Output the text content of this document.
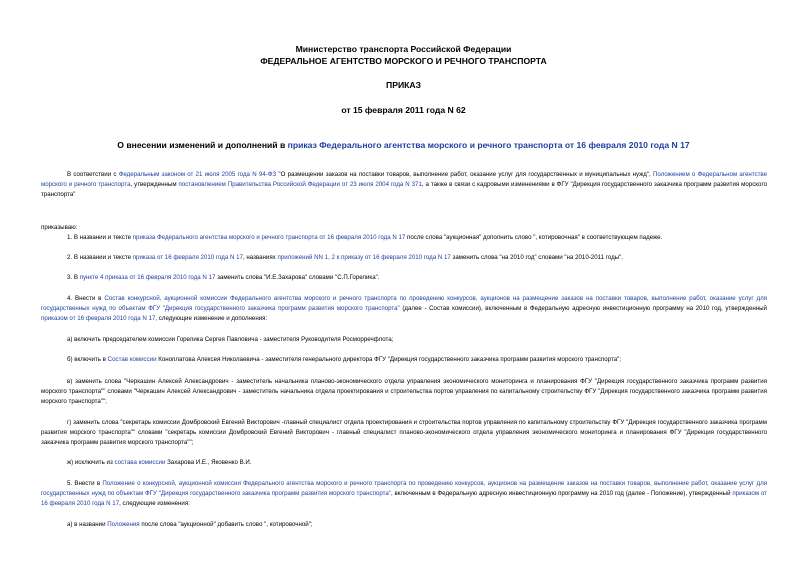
Министерство транспорта Российской Федерации
ФЕДЕРАЛЬНОЕ АГЕНТСТВО МОРСКОГО И РЕЧНОГО ТРАНСПОРТА
ПРИКАЗ
от 15 февраля 2011 года N 62
О внесении изменений и дополнений в приказ Федерального агентства морского и речного транспорта от 16 февраля 2010 года N 17

В соответствии с Федеральным законом от 21 июля 2005 года N 94-ФЗ "О размещении заказов на поставки товаров, выполнение работ, оказание услуг для государственных и муниципальных нужд", Положением о Федеральном агентстве морского и речного транспорта, утвержденным постановлением Правительства Российской Федерации от 23 июля 2004 года N 371, а также в связи с кадровыми изменениями в ФГУ "Дирекция государственного заказчика программ развития морского транспорта"

приказываю:

1. В названии и тексте приказа Федерального агентства морского и речного транспорта от 16 февраля 2010 года N 17 после слова "аукционная" дополнить слово ", котировочная" в соответствующем падеже.

2. В названии и тексте приказа от 16 февраля 2010 года N 17, названиях приложений NN 1, 2 к приказу от 16 февраля 2010 года N 17 заменить слова "на 2010 год" словами "на 2010-2011 годы".

3. В пункте 4 приказа от 16 февраля 2010 года N 17 заменить слова "И.Е.Захарова" словами "С.П.Горелика".

4. Внести в Состав конкурсной, аукционной комиссии Федерального агентства морского и речного транспорта по проведению конкурсов, аукционов на размещение заказов на поставки товаров, выполнение работ, оказание услуг для государственных нужд по объектам ФГУ "Дирекция государственного заказчика программ развития морского транспорта" (далее - Состав комиссии), включенным в Федеральную адресную инвестиционную программу на 2010 год, утвержденный приказом от 16 февраля 2010 года N 17, следующие изменение и дополнения:

а) включить председателем комиссии Горелика Сергея Павловича - заместителя Руководителя Росморречфлота;

б) включить в Состав комиссии Коноплатова Алексея Николаевича - заместителя генерального директора ФГУ "Дирекция государственного заказчика программ развития морского транспорта";

в) заменить слова "Черкашин Алексей Александрович - заместитель начальника планово-экономического отдела управления экономического мониторинга и планирования ФГУ "Дирекция государственного заказчика программ развития морского транспорта"" словами "Черкашин Алексей Александрович - заместитель начальника отдела проектирования и строительства портов управления по капитальному строительству ФГУ "Дирекция государственного заказчика программ развития морского транспорта"";

г) заменить слова "секретарь комиссии Домбровский Евгений Викторович -главный специалист отдела проектирования и строительства портов управления по капитальному строительству ФГУ "Дирекция государственного заказчика программ развития морского транспорта"" словами "секретарь комиссии Домбровский Евгений Викторович - главный специалист планово-экономического отдела управления экономического мониторинга и планирования ФГУ "Дирекция государственного заказчика программ развития морского транспорта"";

ж) исключить из состава комиссии Захарова И.Е., Яковенко В.И.

5. Внести в Положение о конкурсной, аукционной комиссии Федерального агентства морского и речного транспорта по проведению конкурсов, аукционов на размещение заказов на поставки товаров, выполнение работ, оказание услуг для государственных нужд по объектам ФГУ "Дирекция государственного заказчика программ развития морского транспорта", включенным в Федеральную адресную инвестиционную программу на 2010 год (далее - Положение), утвержденный приказом от 16 февраля 2010 года N 17, следующие изменения:

а) в названии Положения после слова "аукционной" добавить слово ", котировочной";
